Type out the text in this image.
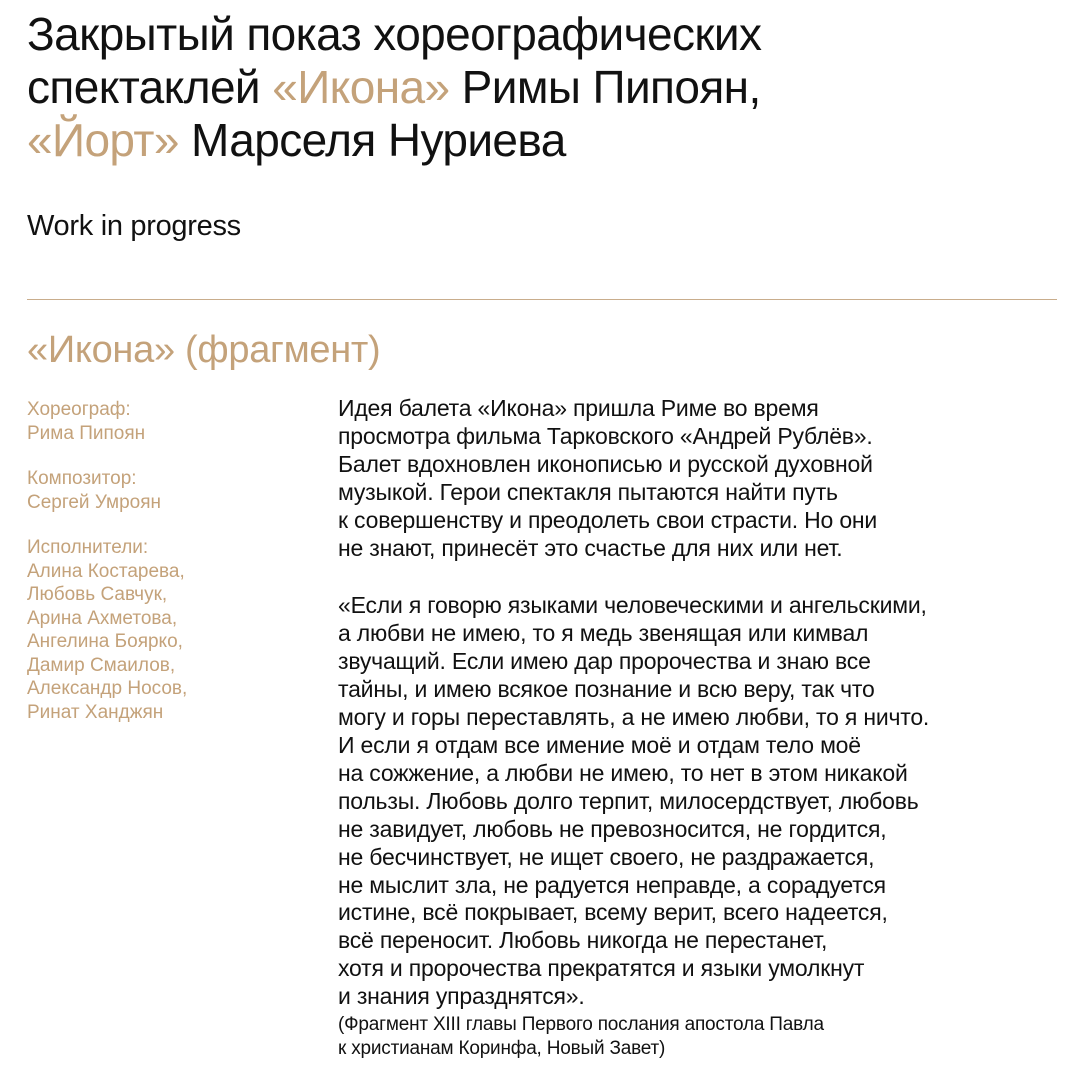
Закрытый показ хореографических
спектаклей «Икона» Римы Пипоян,
«Йорт» Марселя Нуриева

Work in progress

«Икона» (фрагмент)
Хореограф:
Рима Пипоян
Композитор:
Сергей Умроян
Исполнители:
Алина Костарева,
Любовь Савчук,
Арина Ахметова,
Ангелина Боярко,
Дамир Смаилов,
Александр Носов,
Ринат Ханджян

Идея балета «Икона» пришла Риме во время
просмотра фильма Тарковского «Андрей Рублёв».
Балет вдохновлен иконописью и русской духовной
музыкой. Герои спектакля пытаются найти путь
к совершенству и преодолеть свои страсти. Но они
не знают, принесёт это счастье для них или нет.

«Если я говорю языками человеческими и ангельскими,
а любви не имею, то я медь звенящая или кимвал
звучащий. Если имею дар пророчества и знаю все
тайны, и имею всякое познание и всю веру, так что
могу и горы переставлять, а не имею любви, то я ничто.
И если я отдам все имение моё и отдам тело моё
на сожжение, а любви не имею, то нет в этом никакой
пользы. Любовь долго терпит, милосердствует, любовь
не завидует, любовь не превозносится, не гордится,
не бесчинствует, не ищет своего, не раздражается,
не мыслит зла, не радуется неправде, а сорадуется
истине, всё покрывает, всему верит, всего надеется,
всё переносит. Любовь никогда не перестанет,
хотя и пророчества прекратятся и языки умолкнут
и знания упразднятся».

(Фрагмент XIII главы Первого послания апостола Павла
к христианам Коринфа, Новый Завет)
